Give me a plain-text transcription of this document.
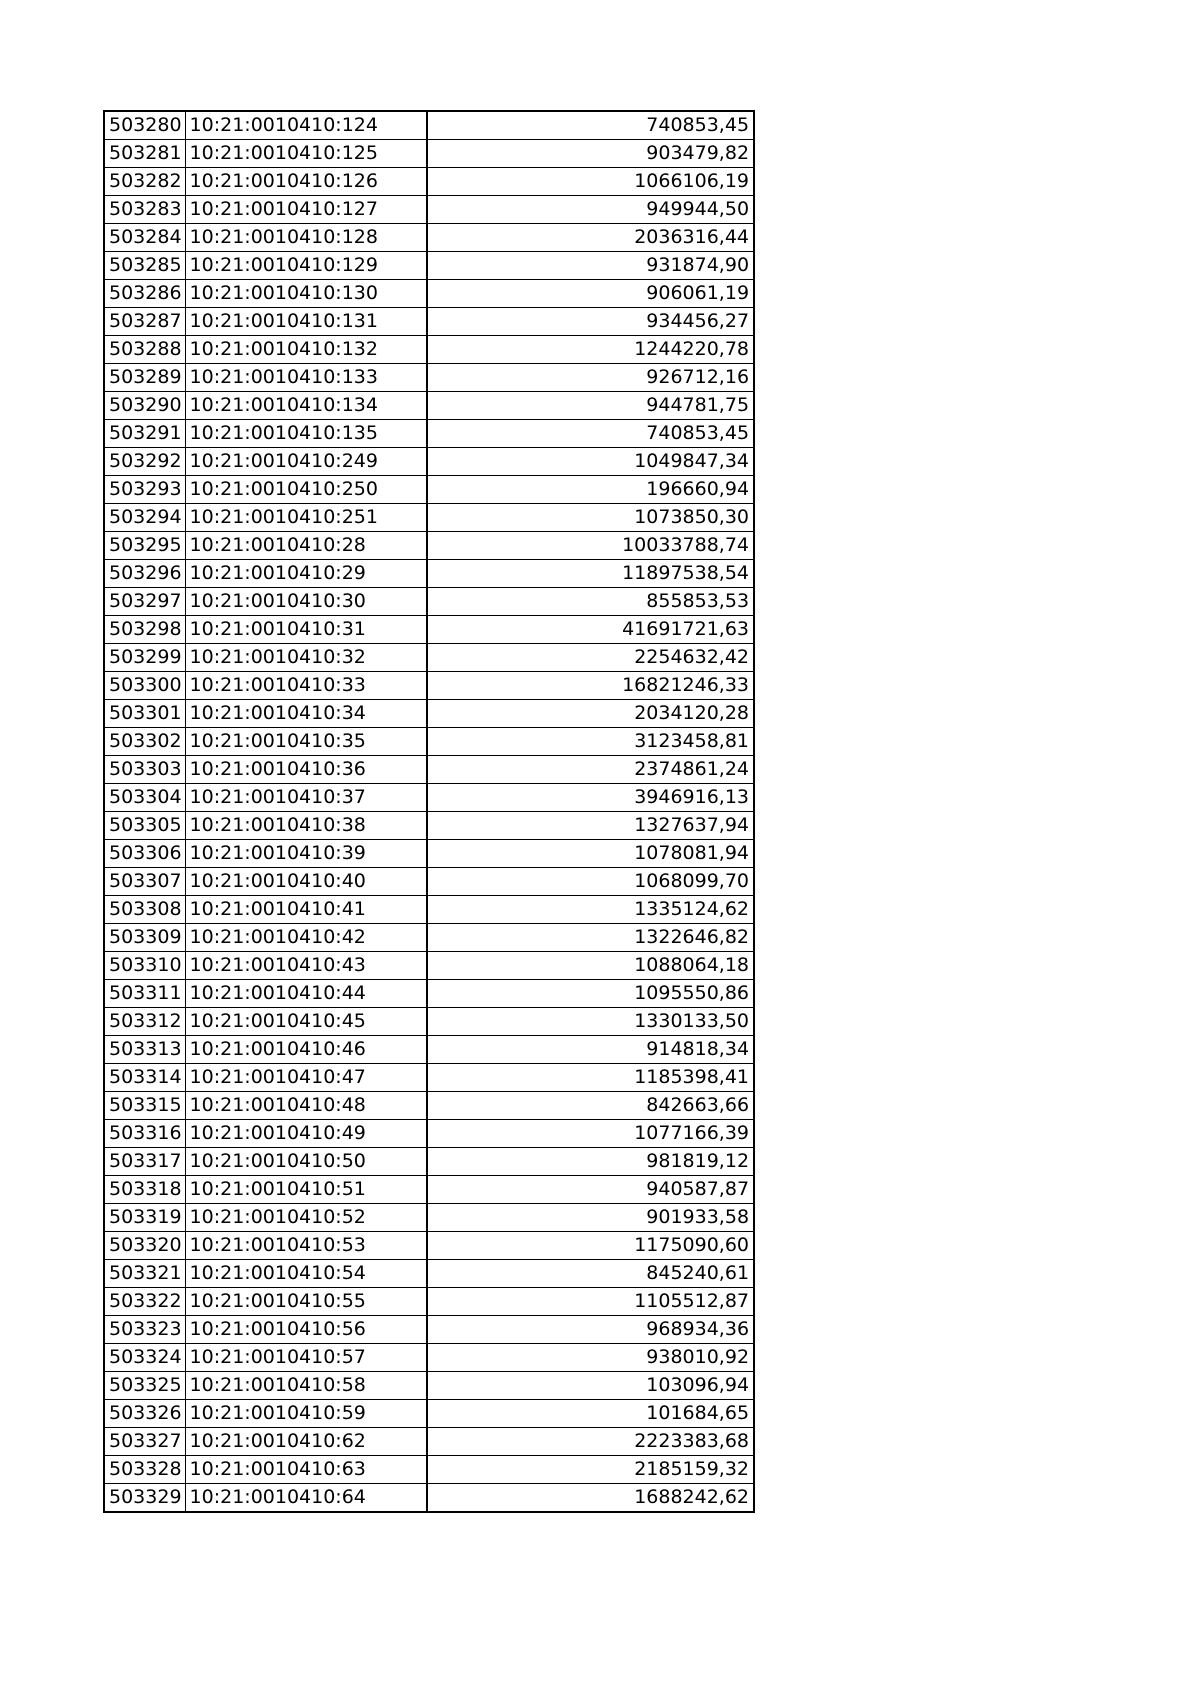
503280	10:21:0010410:124	740853,45
503281	10:21:0010410:125	903479,82
503282	10:21:0010410:126	1066106,19
503283	10:21:0010410:127	949944,50
503284	10:21:0010410:128	2036316,44
503285	10:21:0010410:129	931874,90
503286	10:21:0010410:130	906061,19
503287	10:21:0010410:131	934456,27
503288	10:21:0010410:132	1244220,78
503289	10:21:0010410:133	926712,16
503290	10:21:0010410:134	944781,75
503291	10:21:0010410:135	740853,45
503292	10:21:0010410:249	1049847,34
503293	10:21:0010410:250	196660,94
503294	10:21:0010410:251	1073850,30
503295	10:21:0010410:28	10033788,74
503296	10:21:0010410:29	11897538,54
503297	10:21:0010410:30	855853,53
503298	10:21:0010410:31	41691721,63
503299	10:21:0010410:32	2254632,42
503300	10:21:0010410:33	16821246,33
503301	10:21:0010410:34	2034120,28
503302	10:21:0010410:35	3123458,81
503303	10:21:0010410:36	2374861,24
503304	10:21:0010410:37	3946916,13
503305	10:21:0010410:38	1327637,94
503306	10:21:0010410:39	1078081,94
503307	10:21:0010410:40	1068099,70
503308	10:21:0010410:41	1335124,62
503309	10:21:0010410:42	1322646,82
503310	10:21:0010410:43	1088064,18
503311	10:21:0010410:44	1095550,86
503312	10:21:0010410:45	1330133,50
503313	10:21:0010410:46	914818,34
503314	10:21:0010410:47	1185398,41
503315	10:21:0010410:48	842663,66
503316	10:21:0010410:49	1077166,39
503317	10:21:0010410:50	981819,12
503318	10:21:0010410:51	940587,87
503319	10:21:0010410:52	901933,58
503320	10:21:0010410:53	1175090,60
503321	10:21:0010410:54	845240,61
503322	10:21:0010410:55	1105512,87
503323	10:21:0010410:56	968934,36
503324	10:21:0010410:57	938010,92
503325	10:21:0010410:58	103096,94
503326	10:21:0010410:59	101684,65
503327	10:21:0010410:62	2223383,68
503328	10:21:0010410:63	2185159,32
503329	10:21:0010410:64	1688242,62
